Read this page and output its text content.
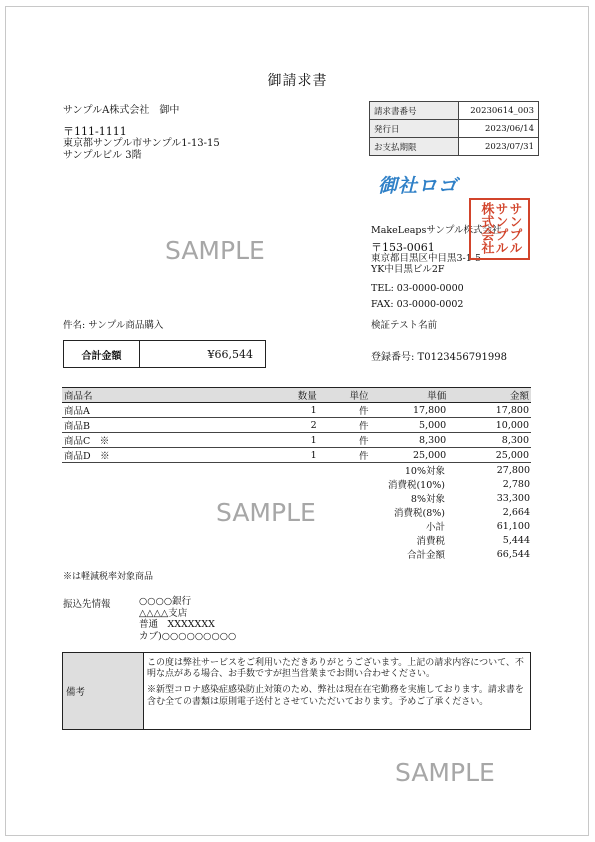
御請求書
サンプルA株式会社　御中
〒111-1111
東京都サンプル市サンプル1-13-15
サンプルビル 3階
請求書番号	20230614_003
発行日	2023/06/14
お支払期限	2023/07/31
御社ロゴ
MakeLeapsサンプル株式会社
〒153-0061
東京都目黒区中目黒3-1-5
YK中目黒ビル2F
サンプル
サンプル
株式会社
TEL: 03-0000-0000
FAX: 03-0000-0002
件名: サンプル商品購入	検証テスト名前
SAMPLE
合計金額	¥66,544	登録番号: T0123456791998
商品名	数量	単位	単価	金額
商品A	1	件	17,800	17,800
商品B	2	件	5,000	10,000
商品C　※	1	件	8,300	8,300
商品D　※	1	件	25,000	25,000
10%対象	27,800
消費税(10%)	2,780
8%対象	33,300
消費税(8%)	2,664
小計	61,100
消費税	5,444
合計金額	66,544
SAMPLE
※は軽減税率対象商品
振込先情報	○○○○銀行
△△△△支店
普通　XXXXXXX
カブ)○○○○○○○○○
備考

この度は弊社サービスをご利用いただきありがとうございます。上記の請求内容について、不明な点がある場合、お手数ですが担当営業までお問い合わせください。

※新型コロナ感染症感染防止対策のため、弊社は現在在宅勤務を実施しております。請求書を含む全ての書類は原則電子送付とさせていただいております。予めご了承ください。

SAMPLE
